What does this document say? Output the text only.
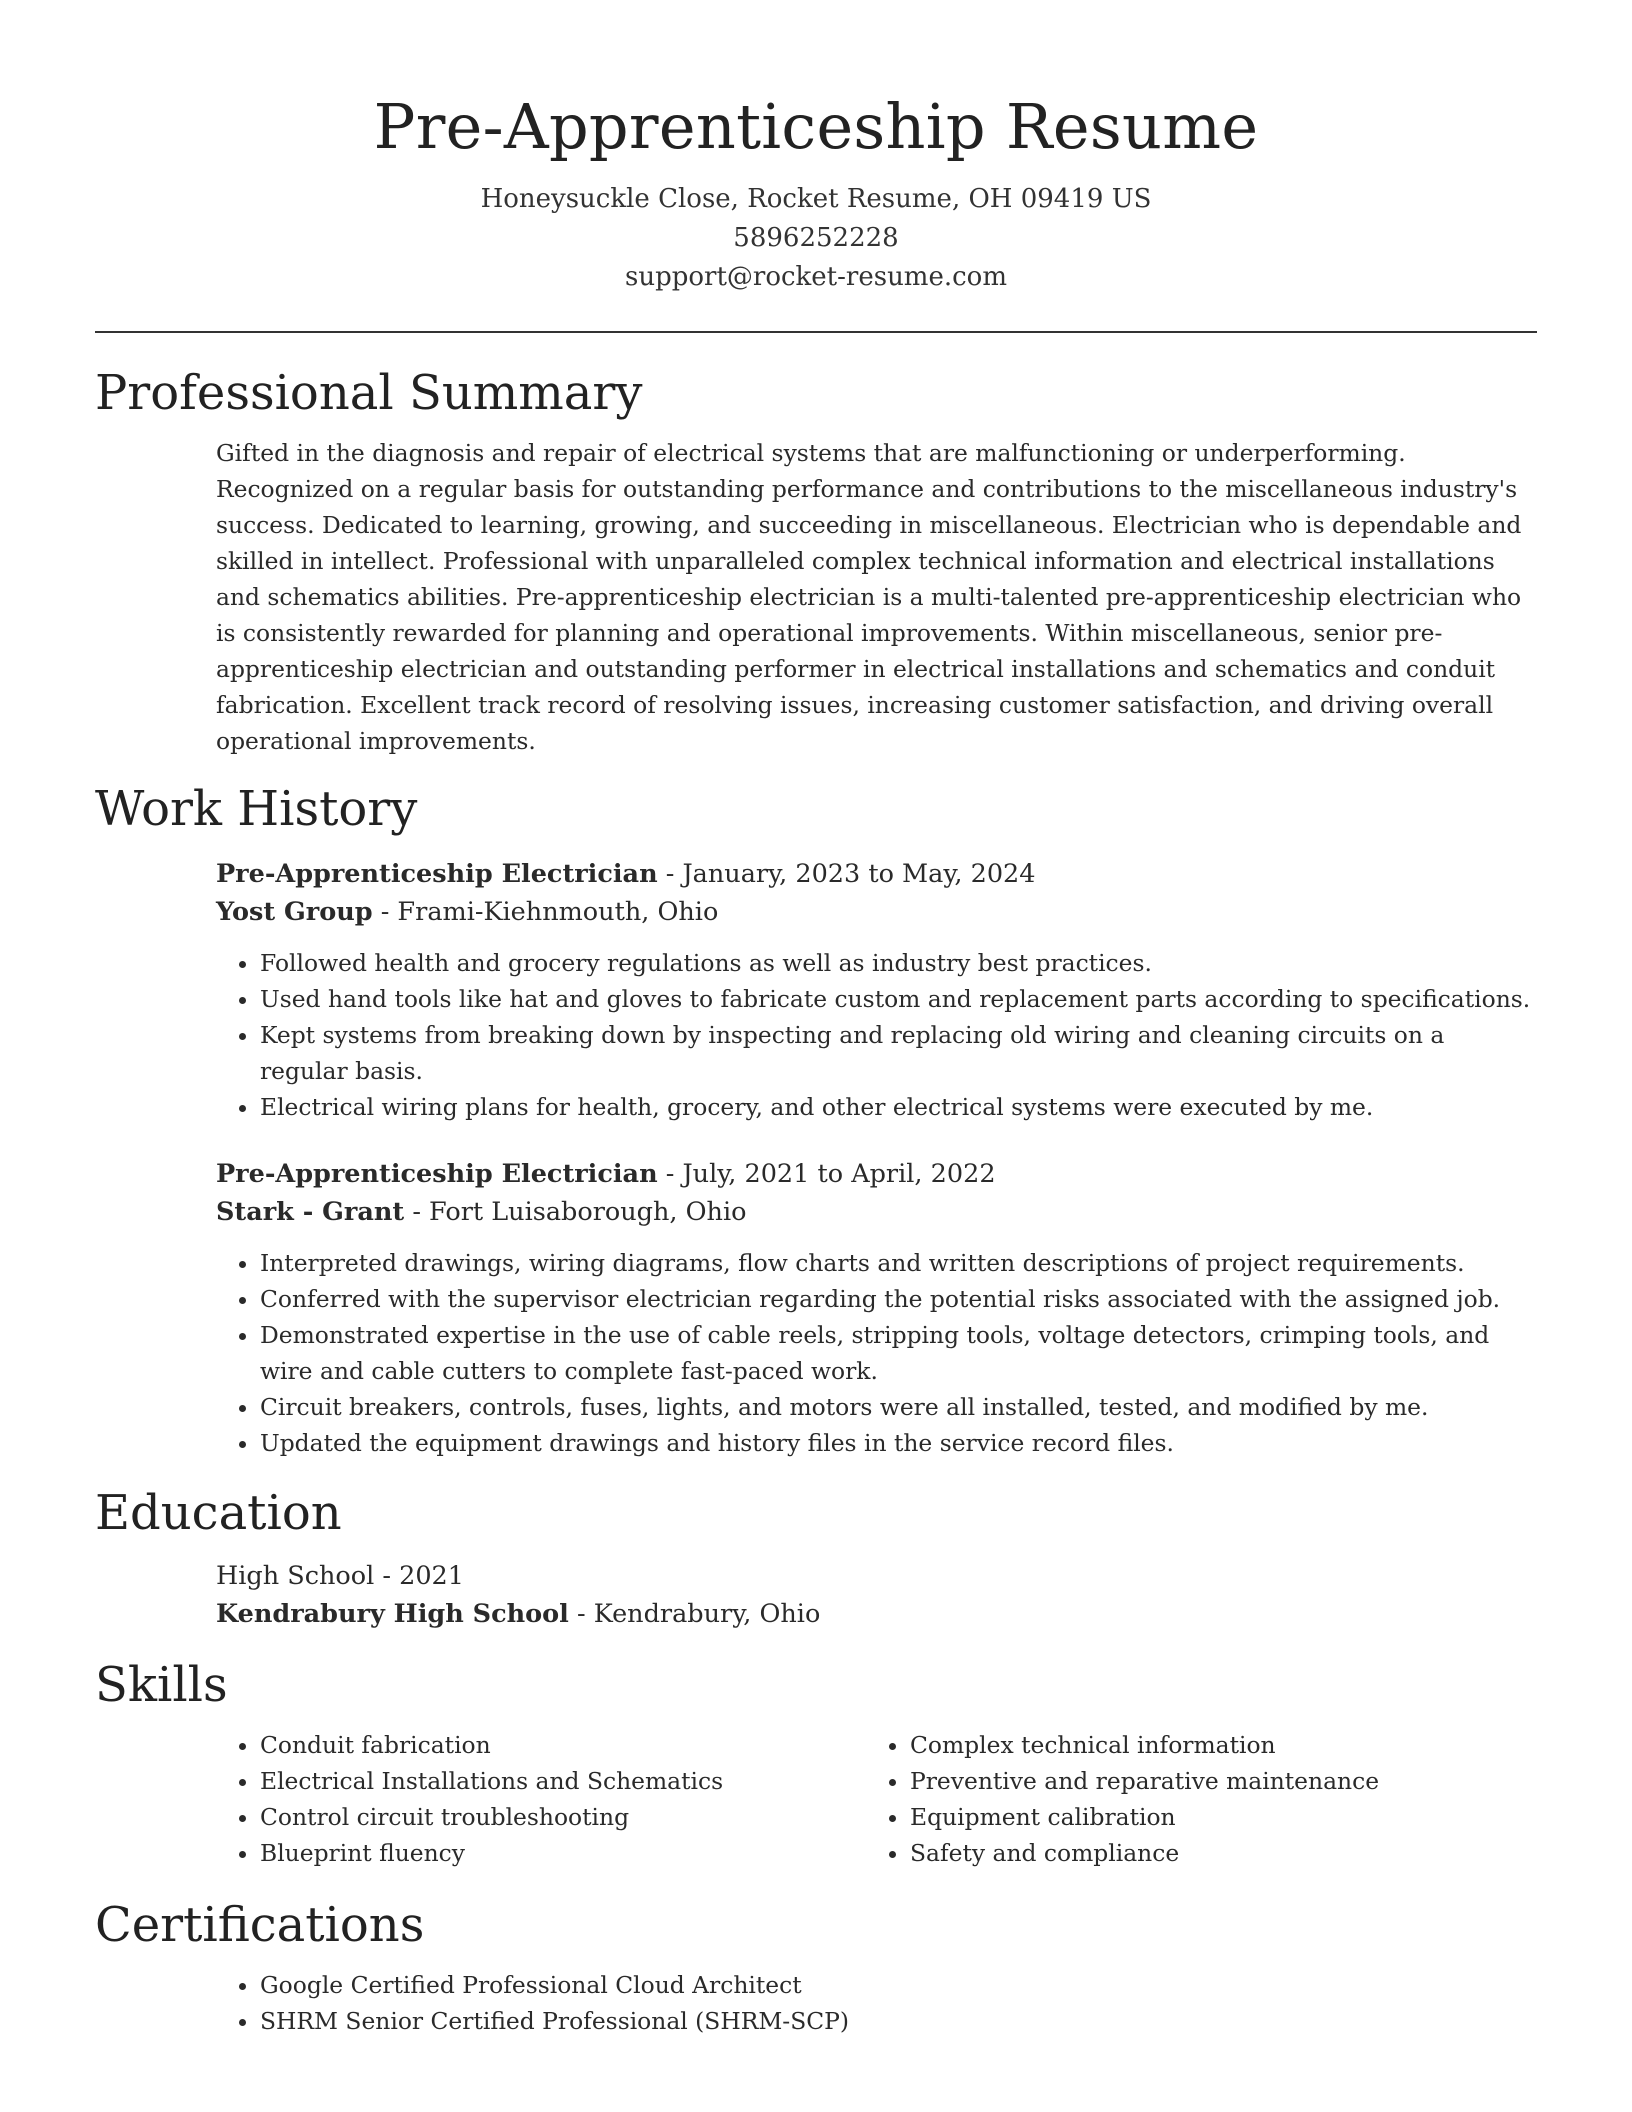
Pre-Apprenticeship Resume
Honeysuckle Close, Rocket Resume, OH 09419 US
5896252228
support@rocket-resume.com
Professional Summary

Gifted in the diagnosis and repair of electrical systems that are malfunctioning or underperforming. Recognized on a regular basis for outstanding performance and contributions to the miscellaneous industry's success. Dedicated to learning, growing, and succeeding in miscellaneous. Electrician who is dependable and skilled in intellect. Professional with unparalleled complex technical information and electrical installations and schematics abilities. Pre-apprenticeship electrician is a multi-talented pre-apprenticeship electrician who is consistently rewarded for planning and operational improvements. Within miscellaneous, senior pre-apprenticeship electrician and outstanding performer in electrical installations and schematics and conduit fabrication. Excellent track record of resolving issues, increasing customer satisfaction, and driving overall operational improvements.

Work History
Pre-Apprenticeship Electrician - January, 2023 to May, 2024
Yost Group - Frami-Kiehnmouth, Ohio
• Followed health and grocery regulations as well as industry best practices.
• Used hand tools like hat and gloves to fabricate custom and replacement parts according to specifications.
• Kept systems from breaking down by inspecting and replacing old wiring and cleaning circuits on a regular basis.
• Electrical wiring plans for health, grocery, and other electrical systems were executed by me.
Pre-Apprenticeship Electrician - July, 2021 to April, 2022
Stark - Grant - Fort Luisaborough, Ohio
• Interpreted drawings, wiring diagrams, flow charts and written descriptions of project requirements.
• Conferred with the supervisor electrician regarding the potential risks associated with the assigned job.
• Demonstrated expertise in the use of cable reels, stripping tools, voltage detectors, crimping tools, and wire and cable cutters to complete fast-paced work.
• Circuit breakers, controls, fuses, lights, and motors were all installed, tested, and modified by me.
• Updated the equipment drawings and history files in the service record files.
Education
High School - 2021
Kendrabury High School - Kendrabury, Ohio
Skills
• Conduit fabrication
• Electrical Installations and Schematics
• Control circuit troubleshooting
• Blueprint fluency
• Complex technical information
• Preventive and reparative maintenance
• Equipment calibration
• Safety and compliance
Certifications
• Google Certified Professional Cloud Architect
• SHRM Senior Certified Professional (SHRM-SCP)
